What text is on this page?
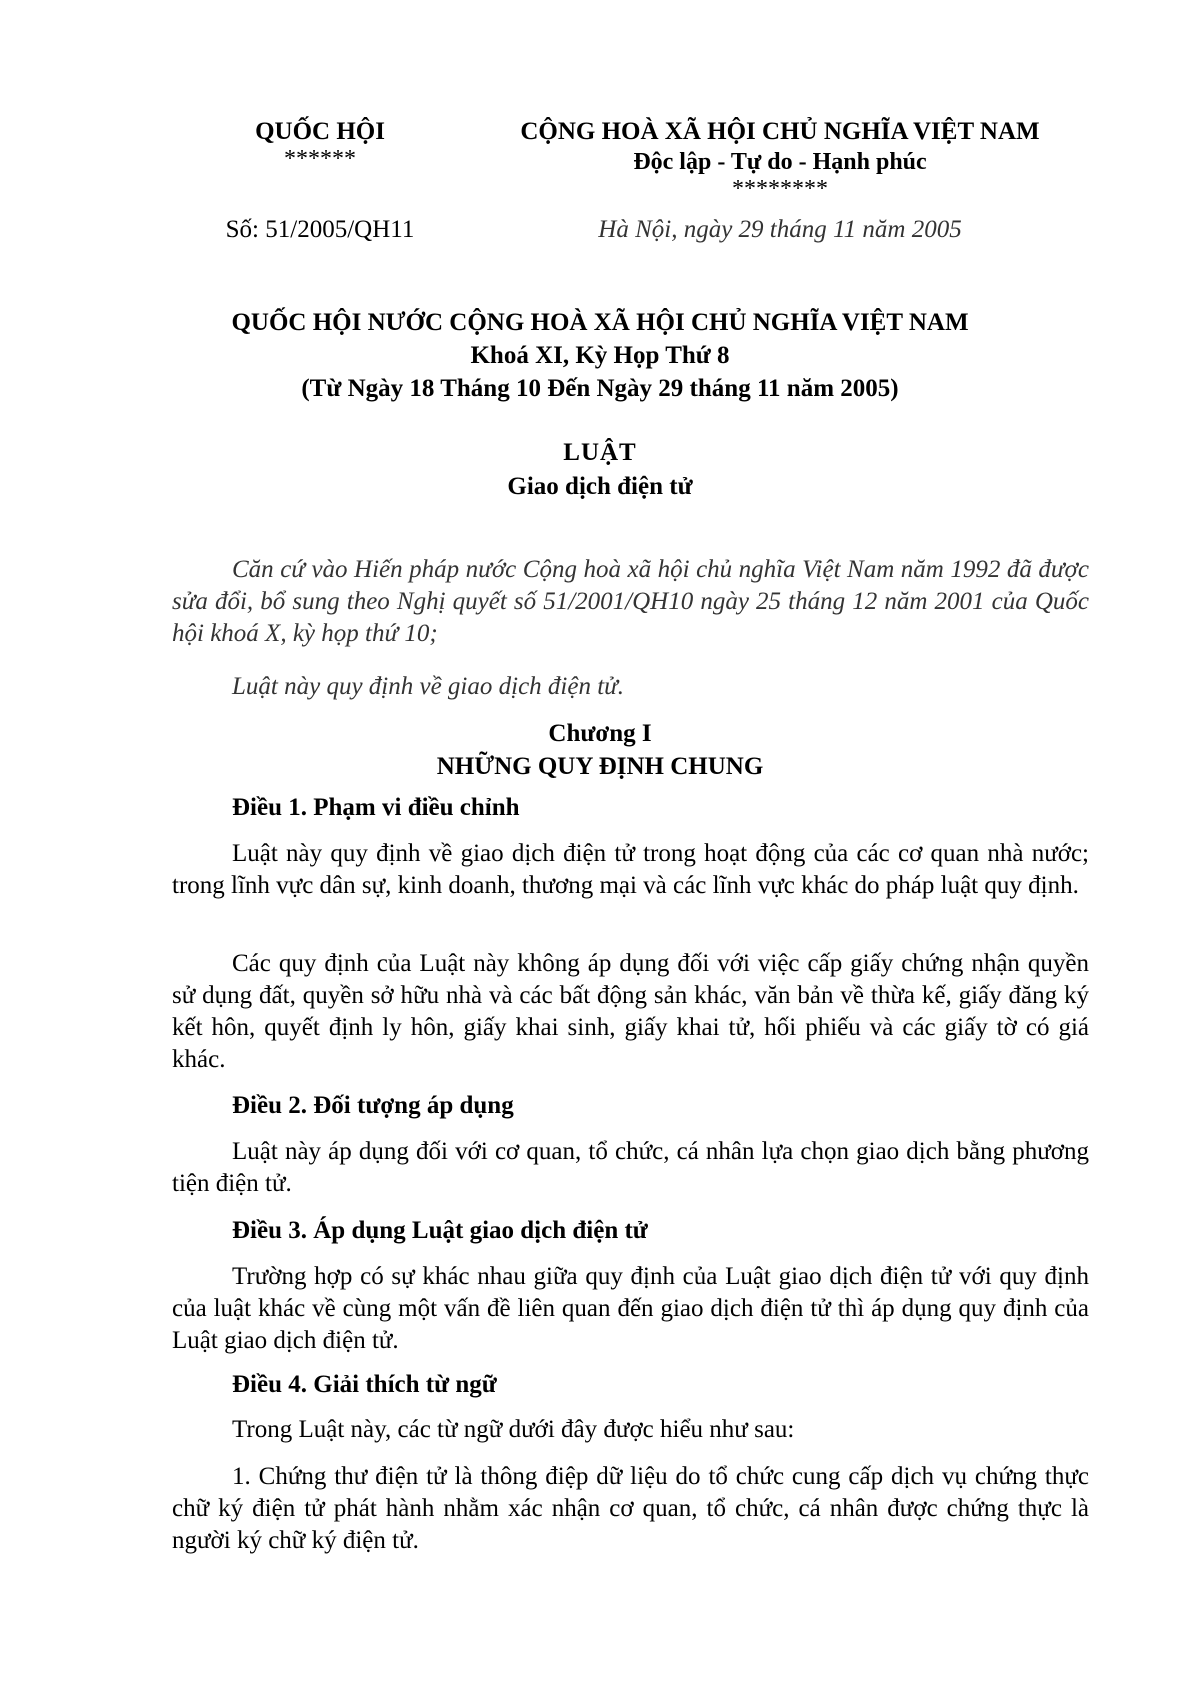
QUỐC HỘI
******
Số: 51/2005/QH11
CỘNG HOÀ XÃ HỘI CHỦ NGHĨA VIỆT NAM
Độc lập - Tự do - Hạnh phúc
********
Hà Nội, ngày 29 tháng 11 năm 2005
QUỐC HỘI NƯỚC CỘNG HOÀ XÃ HỘI CHỦ NGHĨA VIỆT NAM
Khoá XI, Kỳ Họp Thứ 8
(Từ Ngày 18 Tháng 10 Đến Ngày 29 tháng 11 năm 2005)
LUẬT
Giao dịch điện tử

Căn cứ vào Hiến pháp nước Cộng hoà xã hội chủ nghĩa Việt Nam năm 1992 đã được sửa đổi, bổ sung theo Nghị quyết số 51/2001/QH10 ngày 25 tháng 12 năm 2001 của Quốc hội khoá X, kỳ họp thứ 10;

Luật này quy định về giao dịch điện tử.
Chương I
NHỮNG QUY ĐỊNH CHUNG
Điều 1. Phạm vi điều chỉnh

Luật này quy định về giao dịch điện tử trong hoạt động của các cơ quan nhà nước; trong lĩnh vực dân sự, kinh doanh, thương mại và các lĩnh vực khác do pháp luật quy định.

Các quy định của Luật này không áp dụng đối với việc cấp giấy chứng nhận quyền sử dụng đất, quyền sở hữu nhà và các bất động sản khác, văn bản về thừa kế, giấy đăng ký kết hôn, quyết định ly hôn, giấy khai sinh, giấy khai tử, hối phiếu và các giấy tờ có giá khác.

Điều 2. Đối tượng áp dụng

Luật này áp dụng đối với cơ quan, tổ chức, cá nhân lựa chọn giao dịch bằng phương tiện điện tử.

Điều 3. Áp dụng Luật giao dịch điện tử

Trường hợp có sự khác nhau giữa quy định của Luật giao dịch điện tử với quy định của luật khác về cùng một vấn đề liên quan đến giao dịch điện tử thì áp dụng quy định của Luật giao dịch điện tử.

Điều 4. Giải thích từ ngữ
Trong Luật này, các từ ngữ dưới đây được hiểu như sau:

1. Chứng thư điện tử là thông điệp dữ liệu do tổ chức cung cấp dịch vụ chứng thực chữ ký điện tử phát hành nhằm xác nhận cơ quan, tổ chức, cá nhân được chứng thực là người ký chữ ký điện tử.
